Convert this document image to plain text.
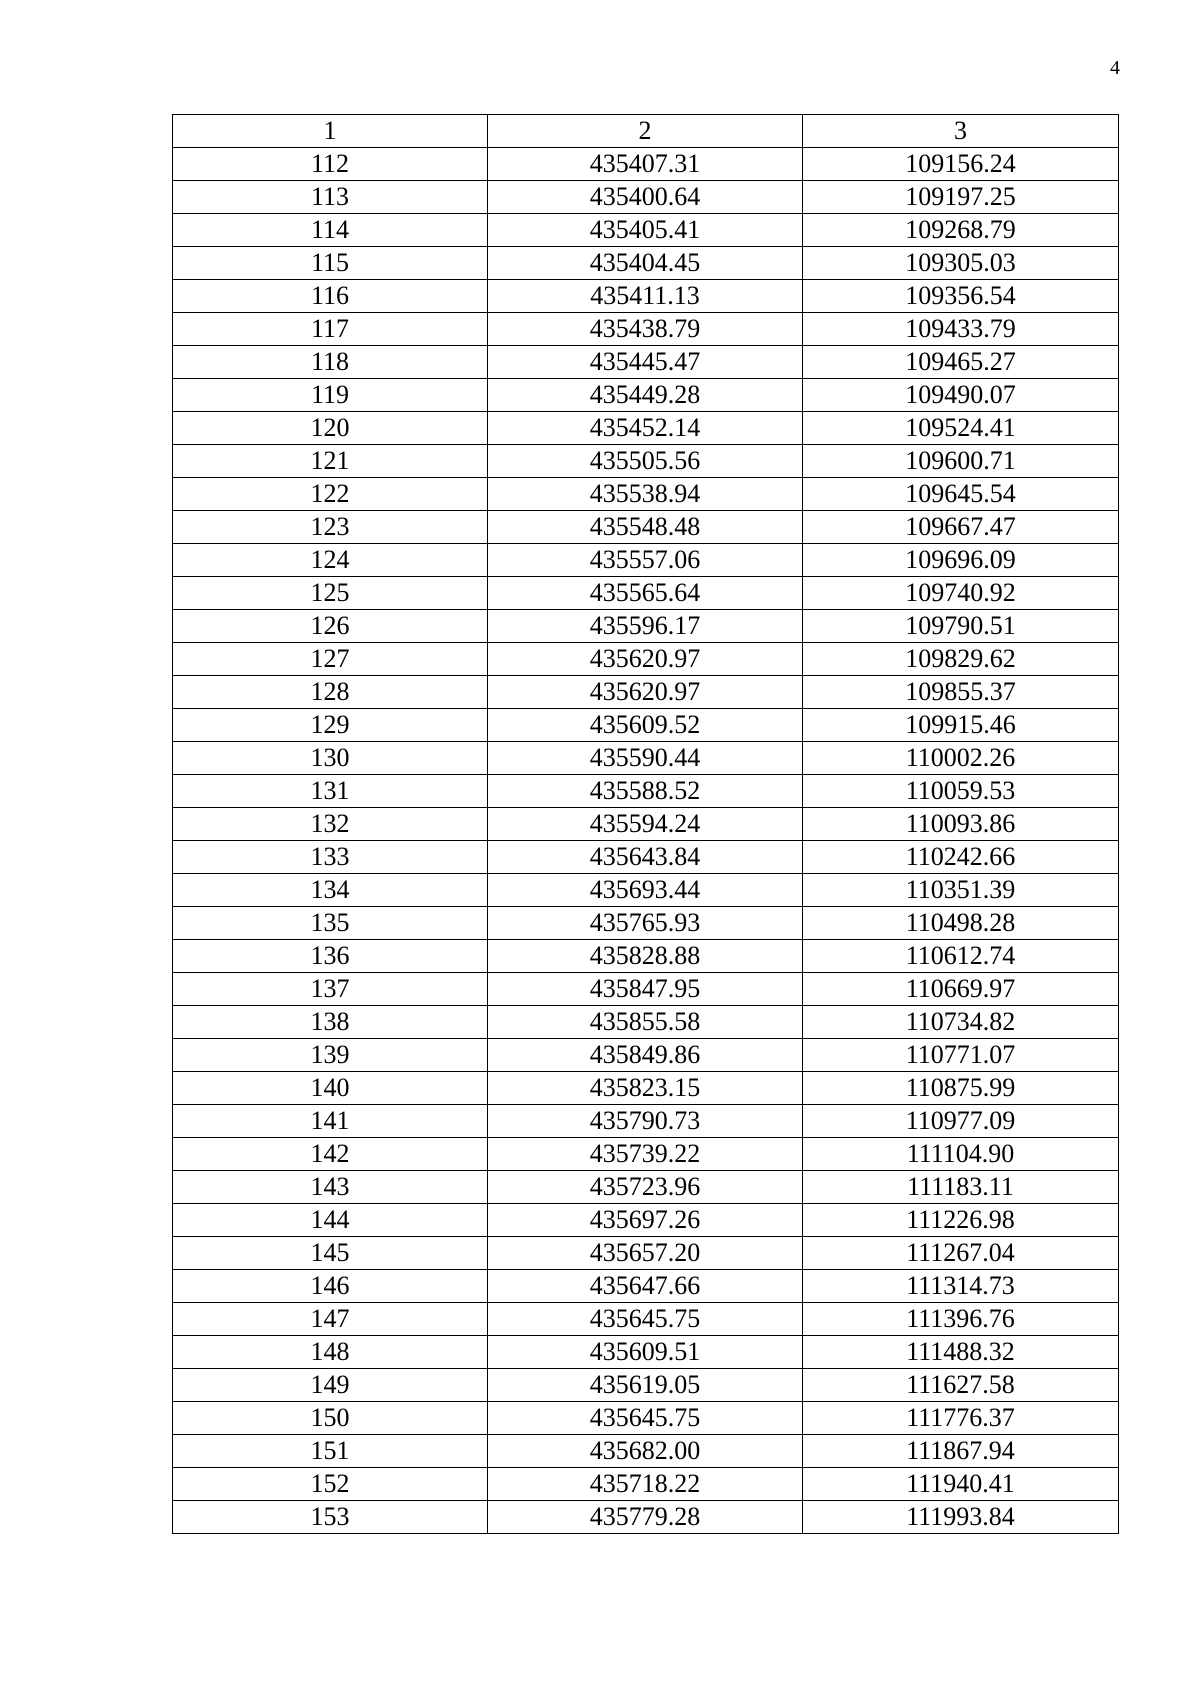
4
1	2	3
112	435407.31	109156.24
113	435400.64	109197.25
114	435405.41	109268.79
115	435404.45	109305.03
116	435411.13	109356.54
117	435438.79	109433.79
118	435445.47	109465.27
119	435449.28	109490.07
120	435452.14	109524.41
121	435505.56	109600.71
122	435538.94	109645.54
123	435548.48	109667.47
124	435557.06	109696.09
125	435565.64	109740.92
126	435596.17	109790.51
127	435620.97	109829.62
128	435620.97	109855.37
129	435609.52	109915.46
130	435590.44	110002.26
131	435588.52	110059.53
132	435594.24	110093.86
133	435643.84	110242.66
134	435693.44	110351.39
135	435765.93	110498.28
136	435828.88	110612.74
137	435847.95	110669.97
138	435855.58	110734.82
139	435849.86	110771.07
140	435823.15	110875.99
141	435790.73	110977.09
142	435739.22	111104.90
143	435723.96	111183.11
144	435697.26	111226.98
145	435657.20	111267.04
146	435647.66	111314.73
147	435645.75	111396.76
148	435609.51	111488.32
149	435619.05	111627.58
150	435645.75	111776.37
151	435682.00	111867.94
152	435718.22	111940.41
153	435779.28	111993.84
